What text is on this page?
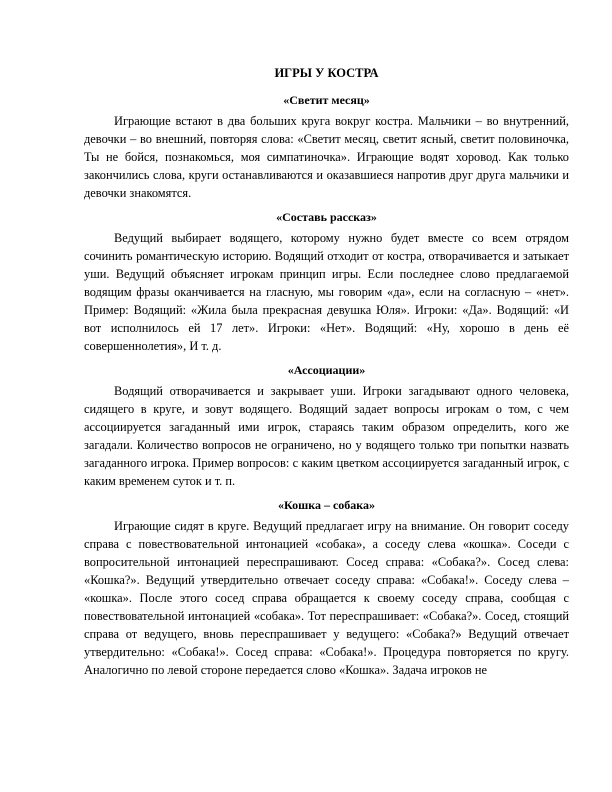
ИГРЫ У КОСТРА
«Светит месяц»

Играющие встают в два больших круга вокруг костра. Мальчики – во внутренний, девочки – во внешний, повторяя слова: «Светит месяц, светит ясный, светит половиночка, Ты не бойся, познакомься, моя симпатиночка». Играющие водят хоровод. Как только закончились слова, круги останавливаются и оказавшиеся напротив друг друга мальчики и девочки знакомятся.

«Составь рассказ»

Ведущий выбирает водящего, которому нужно будет вместе со всем отрядом сочинить романтическую историю. Водящий отходит от костра, отворачивается и затыкает уши. Ведущий объясняет игрокам принцип игры. Если последнее слово предлагаемой водящим фразы оканчивается на гласную, мы говорим «да», если на согласную – «нет». Пример: Водящий: «Жила была прекрасная девушка Юля». Игроки: «Да». Водящий: «И вот исполнилось ей 17 лет». Игроки: «Нет». Водящий: «Ну, хорошо в день её совершеннолетия», И т. д.

«Ассоциации»

Водящий отворачивается и закрывает уши. Игроки загадывают одного человека, сидящего в круге, и зовут водящего. Водящий задает вопросы игрокам о том, с чем ассоциируется загаданный ими игрок, стараясь таким образом определить, кого же загадали. Количество вопросов не ограничено, но у водящего только три попытки назвать загаданного игрока. Пример вопросов: с каким цветком ассоциируется загаданный игрок, с каким временем суток и т. п.

«Кошка – собака»

Играющие сидят в круге. Ведущий предлагает игру на внимание. Он говорит соседу справа с повествовательной интонацией «собака», а соседу слева «кошка». Соседи с вопросительной интонацией переспрашивают. Сосед справа: «Собака?». Сосед слева: «Кошка?». Ведущий утвердительно отвечает соседу справа: «Собака!». Соседу слева – «кошка». После этого сосед справа обращается к своему соседу справа, сообщая с повествовательной интонацией «собака». Тот переспрашивает: «Собака?». Сосед, стоящий справа от ведущего, вновь переспрашивает у ведущего: «Собака?» Ведущий отвечает утвердительно: «Собака!». Сосед справа: «Собака!». Процедура повторяется по кругу. Аналогично по левой стороне передается слово «Кошка». Задача игроков не
